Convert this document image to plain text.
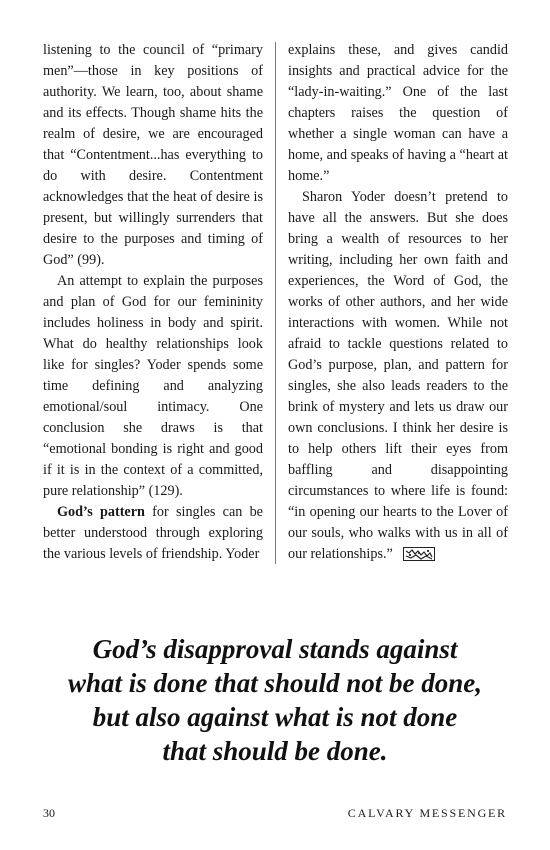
listening to the council of “primary men”—those in key positions of authority. We learn, too, about shame and its effects. Though shame hits the realm of desire, we are encouraged that “Contentment...has everything to do with desire. Contentment acknowledges that the heat of desire is present, but willingly surrenders that desire to the purposes and timing of God” (99).

An attempt to explain the purposes and plan of God for our femininity includes holiness in body and spirit. What do healthy relationships look like for singles? Yoder spends some time defining and analyzing emotional/soul intimacy. One conclusion she draws is that “emotional bonding is right and good if it is in the context of a committed, pure relationship” (129).

God’s pattern for singles can be better understood through exploring the various levels of friendship. Yoder

explains these, and gives candid insights and practical advice for the “lady-in-waiting.” One of the last chapters raises the question of whether a single woman can have a home, and speaks of having a “heart at home.”

Sharon Yoder doesn’t pretend to have all the answers. But she does bring a wealth of resources to her writing, including her own faith and experiences, the Word of God, the works of other authors, and her wide interactions with women. While not afraid to tackle questions related to God’s purpose, plan, and pattern for singles, she also leads readers to the brink of mystery and lets us draw our own conclusions. I think her desire is to help others lift their eyes from baffling and disappointing circumstances to where life is found: “in opening our hearts to the Lover of our souls, who walks with us in all of our relationships.”

God’s disapproval stands against
what is done that should not be done,
but also against what is not done
that should be done.
30	CALVARY MESSENGER
